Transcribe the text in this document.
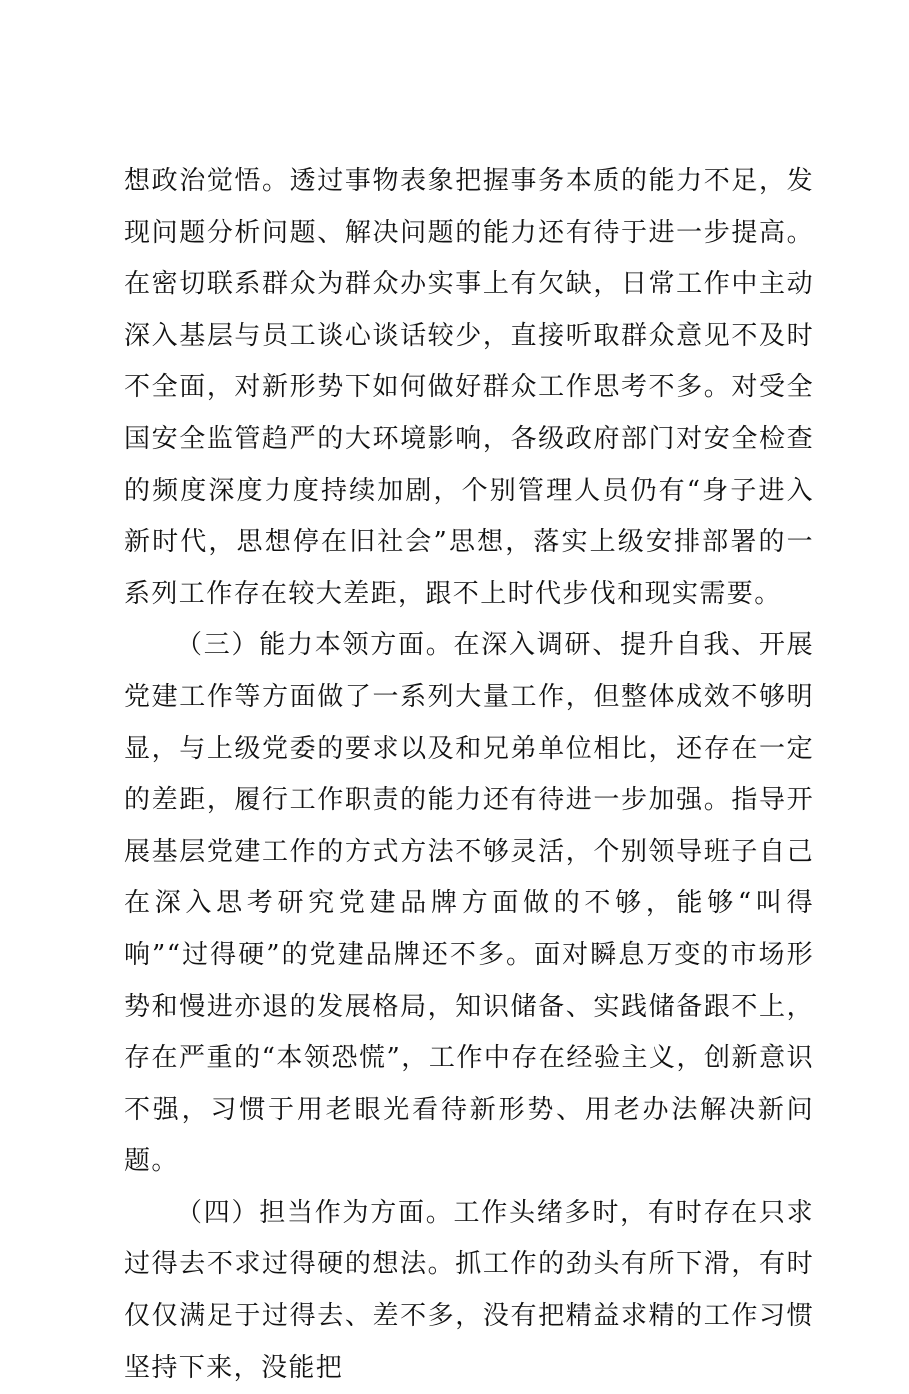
想政治觉悟。透过事物表象把握事务本质的能力不足，发现问题分析问题、解决问题的能力还有待于进一步提高。在密切联系群众为群众办实事上有欠缺，日常工作中主动深入基层与员工谈心谈话较少，直接听取群众意见不及时不全面，对新形势下如何做好群众工作思考不多。对受全国安全监管趋严的大环境影响，各级政府部门对安全检查的频度深度力度持续加剧，个别管理人员仍有“身子进入新时代，思想停在旧社会”思想，落实上级安排部署的一系列工作存在较大差距，跟不上时代步伐和现实需要。

（三）能力本领方面。在深入调研、提升自我、开展党建工作等方面做了一系列大量工作，但整体成效不够明显，与上级党委的要求以及和兄弟单位相比，还存在一定的差距，履行工作职责的能力还有待进一步加强。指导开展基层党建工作的方式方法不够灵活，个别领导班子自己在深入思考研究党建品牌方面做的不够，能够“叫得响”“过得硬”的党建品牌还不多。面对瞬息万变的市场形势和慢进亦退的发展格局，知识储备、实践储备跟不上，存在严重的“本领恐慌”，工作中存在经验主义，创新意识不强，习惯于用老眼光看待新形势、用老办法解决新问题。

（四）担当作为方面。工作头绪多时，有时存在只求过得去不求过得硬的想法。抓工作的劲头有所下滑，有时仅仅满足于过得去、差不多，没有把精益求精的工作习惯坚持下来，没能把
